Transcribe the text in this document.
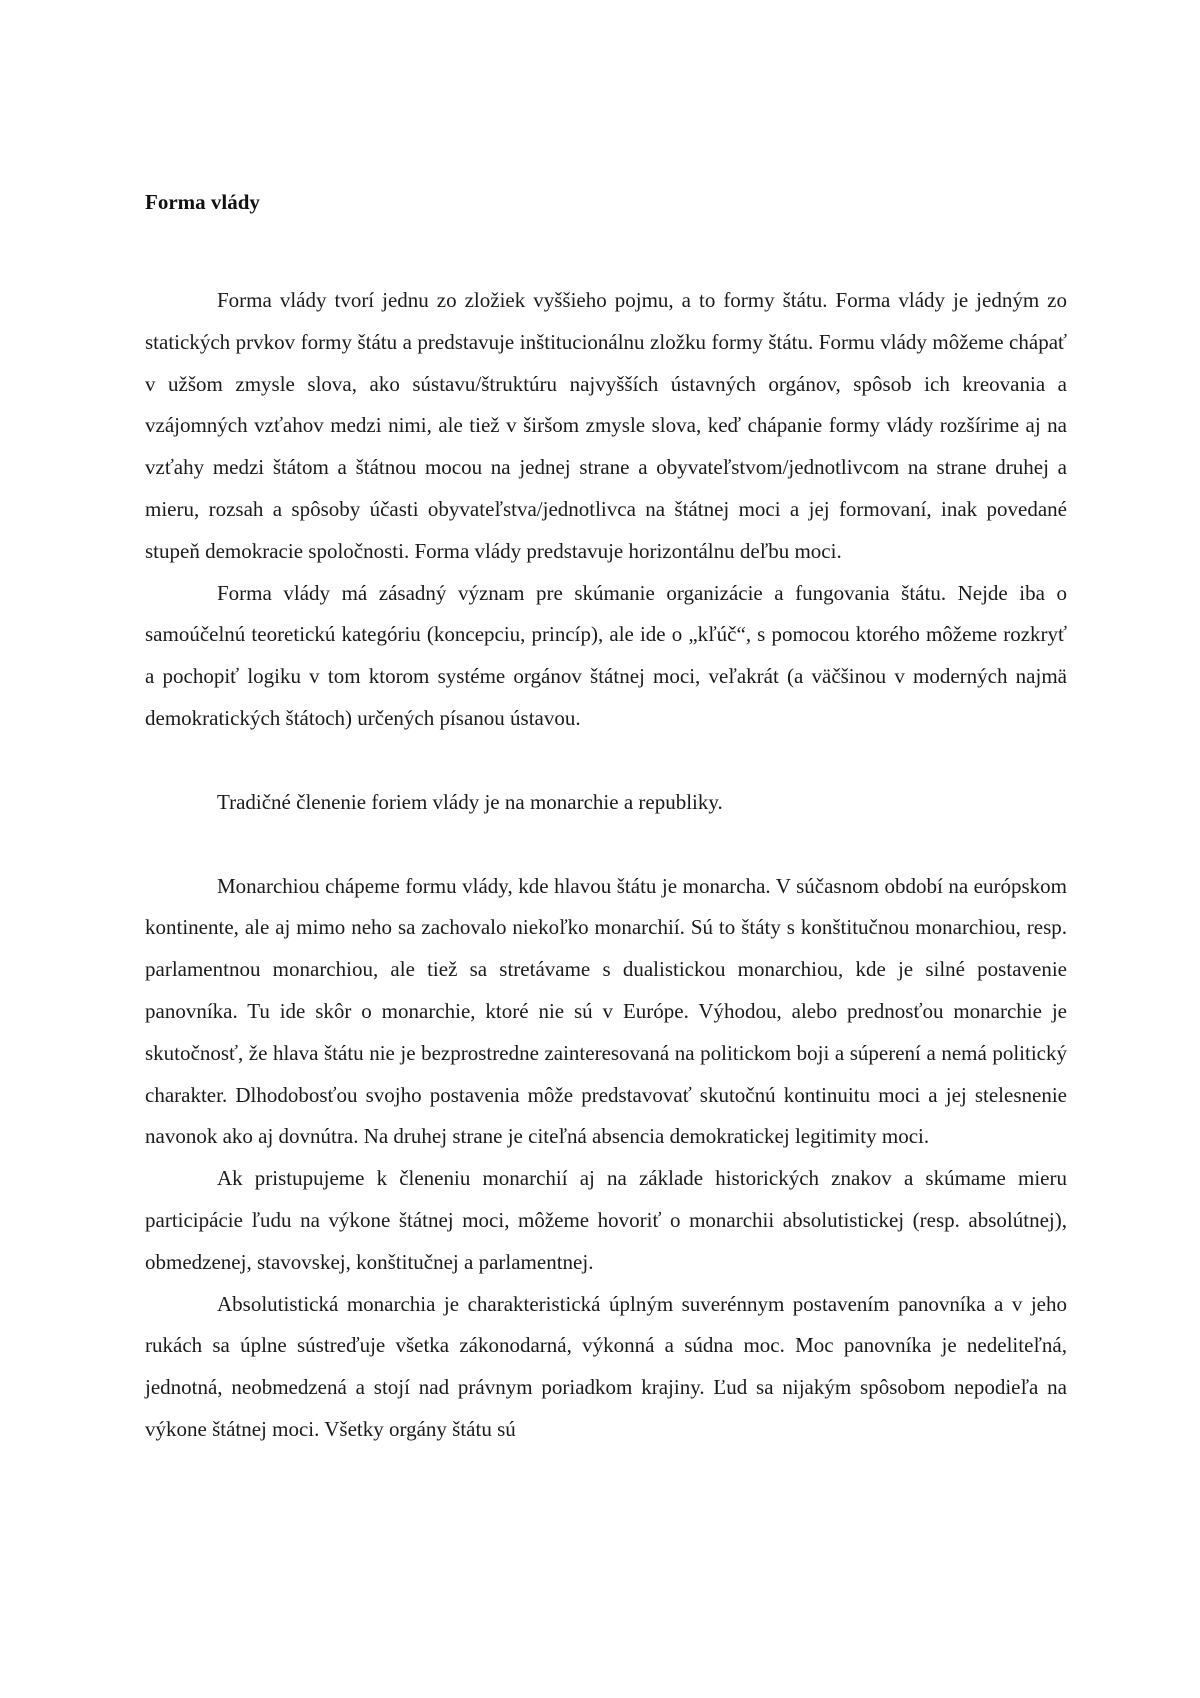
Forma vlády

Forma vlády tvorí jednu zo zložiek vyššieho pojmu, a to formy štátu. Forma vlády je jedným zo statických prvkov formy štátu a predstavuje inštitucionálnu zložku formy štátu. Formu vlády môžeme chápať v užšom zmysle slova, ako sústavu/štruktúru najvyšších ústavných orgánov, spôsob ich kreovania a vzájomných vzťahov medzi nimi, ale tiež v širšom zmysle slova, keď chápanie formy vlády rozšírime aj na vzťahy medzi štátom a štátnou mocou na jednej strane a obyvateľstvom/jednotlivcom na strane druhej a mieru, rozsah a spôsoby účasti obyvateľstva/jednotlivca na štátnej moci a jej formovaní, inak povedané stupeň demokracie spoločnosti. Forma vlády predstavuje horizontálnu deľbu moci.

Forma vlády má zásadný význam pre skúmanie organizácie a fungovania štátu. Nejde iba o samoúčelnú teoretickú kategóriu (koncepciu, princíp), ale ide o „kľúč“, s pomocou ktorého môžeme rozkryť a pochopiť logiku v tom ktorom systéme orgánov štátnej moci, veľakrát (a väčšinou v moderných najmä demokratických štátoch) určených písanou ústavou.

Tradičné členenie foriem vlády je na monarchie a republiky.

Monarchiou chápeme formu vlády, kde hlavou štátu je monarcha. V súčasnom období na európskom kontinente, ale aj mimo neho sa zachovalo niekoľko monarchií. Sú to štáty s konštitučnou monarchiou, resp. parlamentnou monarchiou, ale tiež sa stretávame s dualistickou monarchiou, kde je silné postavenie panovníka. Tu ide skôr o monarchie, ktoré nie sú v Európe. Výhodou, alebo prednosťou monarchie je skutočnosť, že hlava štátu nie je bezprostredne zainteresovaná na politickom boji a súperení a nemá politický charakter. Dlhodobosťou svojho postavenia môže predstavovať skutočnú kontinuitu moci a jej stelesnenie navonok ako aj dovnútra. Na druhej strane je citeľná absencia demokratickej legitimity moci.

Ak pristupujeme k členeniu monarchií aj na základe historických znakov a skúmame mieru participácie ľudu na výkone štátnej moci, môžeme hovoriť o monarchii absolutistickej (resp. absolútnej), obmedzenej, stavovskej, konštitučnej a parlamentnej.

Absolutistická monarchia je charakteristická úplným suverénnym postavením panovníka a v jeho rukách sa úplne sústreďuje všetka zákonodarná, výkonná a súdna moc. Moc panovníka je nedeliteľná, jednotná, neobmedzená a stojí nad právnym poriadkom krajiny. Ľud sa nijakým spôsobom nepodieľa na výkone štátnej moci. Všetky orgány štátu sú
